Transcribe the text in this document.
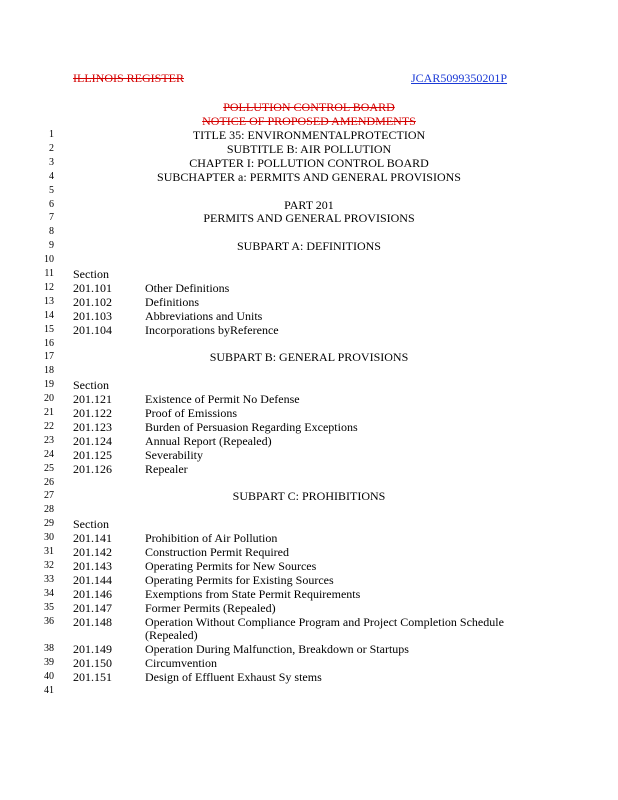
ILLINOIS REGISTER	JCAR5099350201P
POLLUTION CONTROL BOARD
NOTICE OF PROPOSED AMENDMENTS
1	TITLE 35: ENVIRONMENTALPROTECTION
2	SUBTITLE B: AIR POLLUTION
3	CHAPTER I: POLLUTION CONTROL BOARD
4	SUBCHAPTER a: PERMITS AND GENERAL PROVISIONS
5
6	PART 201
7	PERMITS AND GENERAL PROVISIONS
8
9	SUBPART A: DEFINITIONS
10
11 Section
12 201.101	Other Definitions
13 201.102	Definitions
14 201.103	Abbreviations and Units
15 201.104	Incorporations byReference
16
17	SUBPART B: GENERAL PROVISIONS
18
19 Section
20 201.121	Existence of Permit No Defense
21 201.122	Proof of Emissions
22 201.123	Burden of Persuasion Regarding Exceptions
23 201.124	Annual Report (Repealed)
24 201.125	Severability
25 201.126	Repealer
26
27	SUBPART C: PROHIBITIONS
28
29 Section
30 201.141	Prohibition of Air Pollution
31 201.142	Construction Permit Required
32 201.143	Operating Permits for New Sources
33 201.144	Operating Permits for Existing Sources
34 201.146	Exemptions from State Permit Requirements
35 201.147	Former Permits (Repealed)
36 201.148	Operation Without Compliance Program and Project Completion Schedule
(Repealed)
38 201.149	Operation During Malfunction, Breakdown or Startups
39 201.150	Circumvention
40 201.151	Design of Effluent Exhaust Sy stems
41
